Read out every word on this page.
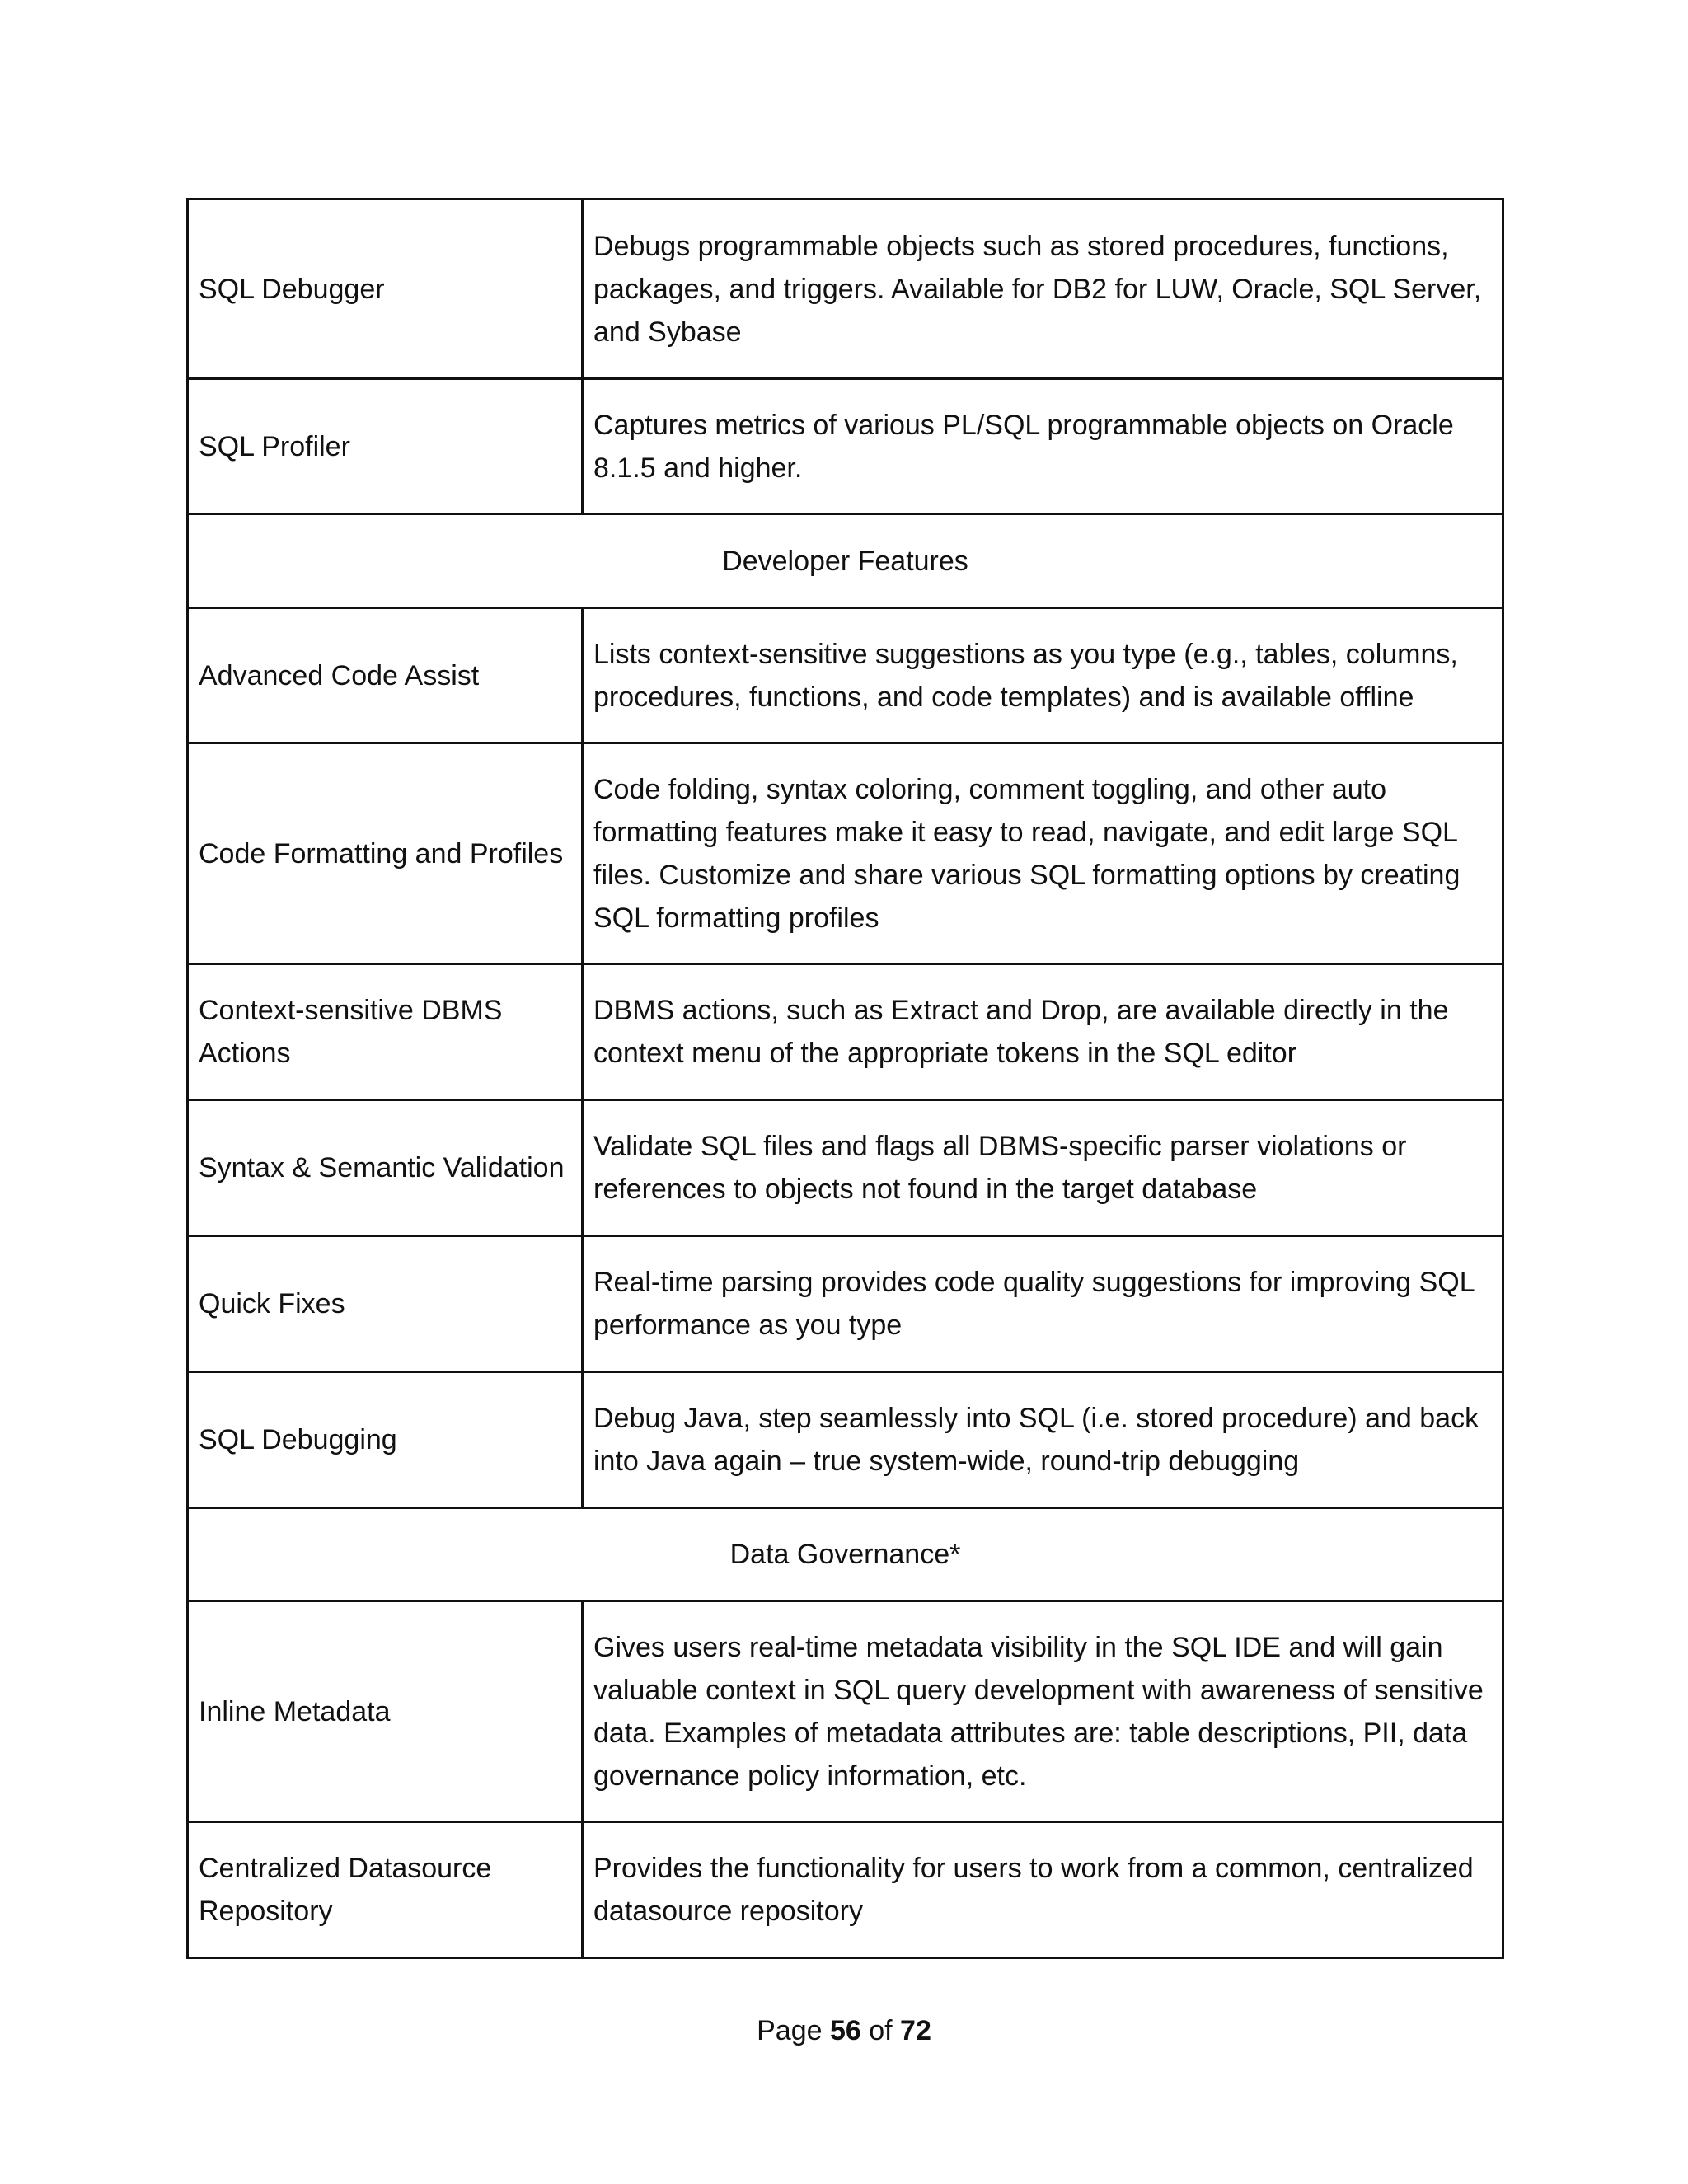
SQL Debugger	Debugs programmable objects such as stored procedures, functions, packages, and triggers. Available for DB2 for LUW, Oracle, SQL Server, and Sybase
SQL Profiler	Captures metrics of various PL/SQL programmable objects on Oracle 8.1.5 and higher.
Developer Features	
Advanced Code Assist	Lists context-sensitive suggestions as you type (e.g., tables, columns, procedures, functions, and code templates) and is available offline
Code Formatting and Profiles	Code folding, syntax coloring, comment toggling, and other auto formatting features make it easy to read, navigate, and edit large SQL files. Customize and share various SQL formatting options by creating SQL formatting profiles
Context-sensitive DBMS Actions	DBMS actions, such as Extract and Drop, are available directly in the context menu of the appropriate tokens in the SQL editor
Syntax & Semantic Validation	Validate SQL files and flags all DBMS-specific parser violations or references to objects not found in the target database
Quick Fixes	Real-time parsing provides code quality suggestions for improving SQL performance as you type
SQL Debugging	Debug Java, step seamlessly into SQL (i.e. stored procedure) and back into Java again – true system-wide, round-trip debugging
Data Governance*	
Inline Metadata	Gives users real-time metadata visibility in the SQL IDE and will gain valuable context in SQL query development with awareness of sensitive data. Examples of metadata attributes are: table descriptions, PII, data governance policy information, etc.
Centralized Datasource Repository	Provides the functionality for users to work from a common, centralized datasource repository
Page 56 of 72
